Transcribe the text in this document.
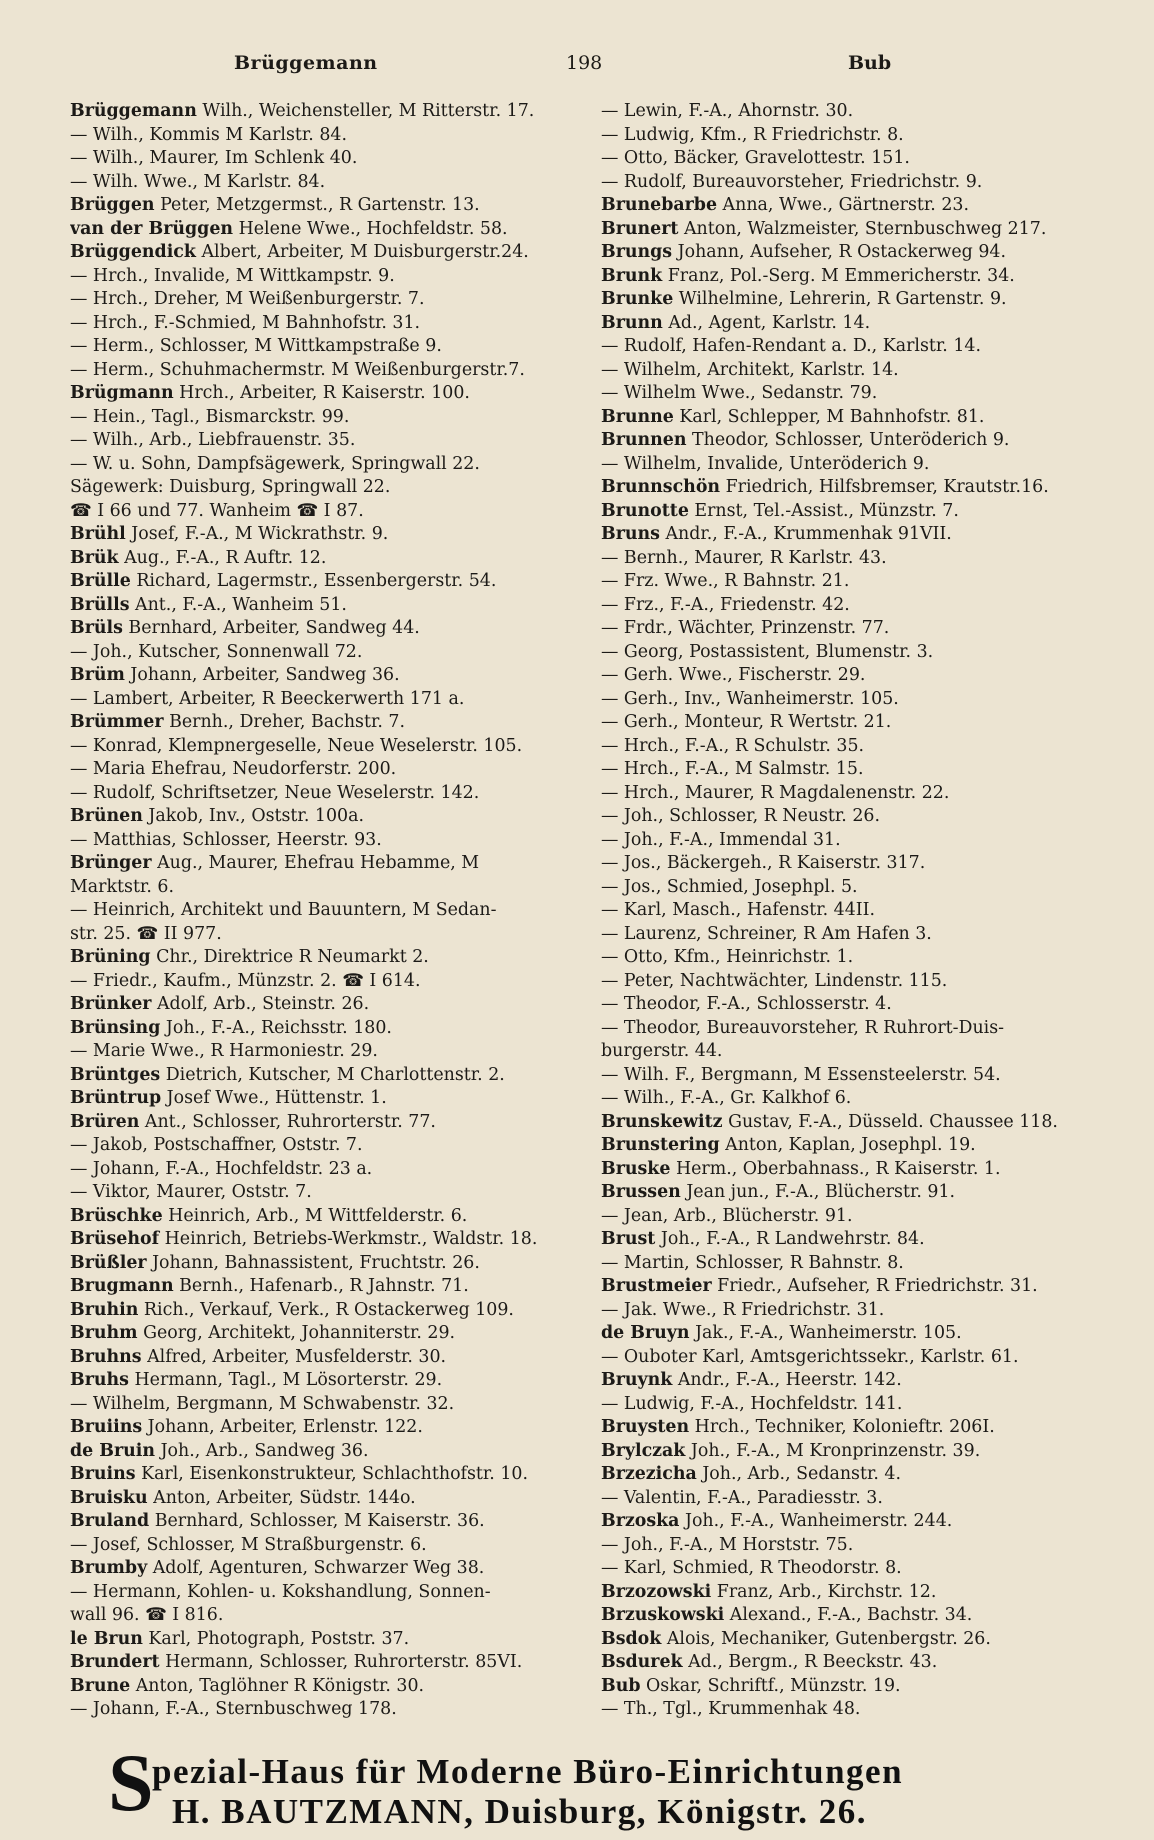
Brüggemann	198	Bub
Brüggemann Wilh., Weichensteller, M Ritterstr. 17.
— Wilh., Kommis M Karlstr. 84.
— Wilh., Maurer, Im Schlenk 40.
— Wilh. Wwe., M Karlstr. 84.
Brüggen Peter, Metzgermst., R Gartenstr. 13.
van der Brüggen Helene Wwe., Hochfeldstr. 58.
Brüggendick Albert, Arbeiter, M Duisburgerstr.24.
— Hrch., Invalide, M Wittkampstr. 9.
— Hrch., Dreher, M Weißenburgerstr. 7.
— Hrch., F.-Schmied, M Bahnhofstr. 31.
— Herm., Schlosser, M Wittkampstraße 9.
— Herm., Schuhmachermstr. M Weißenburgerstr.7.
Brügmann Hrch., Arbeiter, R Kaiserstr. 100.
— Hein., Tagl., Bismarckstr. 99.
— Wilh., Arb., Liebfrauenstr. 35.
— W. u. Sohn, Dampfsägewerk, Springwall 22.
Sägewerk: Duisburg, Springwall 22.
☎ I 66 und 77. Wanheim ☎ I 87.
Brühl Josef, F.-A., M Wickrathstr. 9.
Brük Aug., F.-A., R Auftr. 12.
Brülle Richard, Lagermstr., Essenbergerstr. 54.
Brülls Ant., F.-A., Wanheim 51.
Brüls Bernhard, Arbeiter, Sandweg 44.
— Joh., Kutscher, Sonnenwall 72.
Brüm Johann, Arbeiter, Sandweg 36.
— Lambert, Arbeiter, R Beeckerwerth 171 a.
Brümmer Bernh., Dreher, Bachstr. 7.
— Konrad, Klempnergeselle, Neue Weselerstr. 105.
— Maria Ehefrau, Neudorferstr. 200.
— Rudolf, Schriftsetzer, Neue Weselerstr. 142.
Brünen Jakob, Inv., Oststr. 100a.
— Matthias, Schlosser, Heerstr. 93.
Brünger Aug., Maurer, Ehefrau Hebamme, M
Marktstr. 6.
— Heinrich, Architekt und Bauuntern, M Sedan-
str. 25. ☎ II 977.
Brüning Chr., Direktrice R Neumarkt 2.
— Friedr., Kaufm., Münzstr. 2. ☎ I 614.
Brünker Adolf, Arb., Steinstr. 26.
Brünsing Joh., F.-A., Reichsstr. 180.
— Marie Wwe., R Harmoniestr. 29.
Brüntges Dietrich, Kutscher, M Charlottenstr. 2.
Brüntrup Josef Wwe., Hüttenstr. 1.
Brüren Ant., Schlosser, Ruhrorterstr. 77.
— Jakob, Postschaffner, Oststr. 7.
— Johann, F.-A., Hochfeldstr. 23 a.
— Viktor, Maurer, Oststr. 7.
Brüschke Heinrich, Arb., M Wittfelderstr. 6.
Brüsehof Heinrich, Betriebs-Werkmstr., Waldstr. 18.
Brüßler Johann, Bahnassistent, Fruchtstr. 26.
Brugmann Bernh., Hafenarb., R Jahnstr. 71.
Bruhin Rich., Verkauf, Verk., R Ostackerweg 109.
Bruhm Georg, Architekt, Johanniterstr. 29.
Bruhns Alfred, Arbeiter, Musfelderstr. 30.
Bruhs Hermann, Tagl., M Lösorterstr. 29.
— Wilhelm, Bergmann, M Schwabenstr. 32.
Bruiins Johann, Arbeiter, Erlenstr. 122.
de Bruin Joh., Arb., Sandweg 36.
Bruins Karl, Eisenkonstrukteur, Schlachthofstr. 10.
Bruisku Anton, Arbeiter, Südstr. 144o.
Bruland Bernhard, Schlosser, M Kaiserstr. 36.
— Josef, Schlosser, M Straßburgenstr. 6.
Brumby Adolf, Agenturen, Schwarzer Weg 38.
— Hermann, Kohlen- u. Kokshandlung, Sonnen-
wall 96. ☎ I 816.
le Brun Karl, Photograph, Poststr. 37.
Brundert Hermann, Schlosser, Ruhrorterstr. 85VI.
Brune Anton, Taglöhner R Königstr. 30.
— Johann, F.-A., Sternbuschweg 178.
— Lewin, F.-A., Ahornstr. 30.
— Ludwig, Kfm., R Friedrichstr. 8.
— Otto, Bäcker, Gravelottestr. 151.
— Rudolf, Bureauvorsteher, Friedrichstr. 9.
Brunebarbe Anna, Wwe., Gärtnerstr. 23.
Brunert Anton, Walzmeister, Sternbuschweg 217.
Brungs Johann, Aufseher, R Ostackerweg 94.
Brunk Franz, Pol.-Serg. M Emmericherstr. 34.
Brunke Wilhelmine, Lehrerin, R Gartenstr. 9.
Brunn Ad., Agent, Karlstr. 14.
— Rudolf, Hafen-Rendant a. D., Karlstr. 14.
— Wilhelm, Architekt, Karlstr. 14.
— Wilhelm Wwe., Sedanstr. 79.
Brunne Karl, Schlepper, M Bahnhofstr. 81.
Brunnen Theodor, Schlosser, Unteröderich 9.
— Wilhelm, Invalide, Unteröderich 9.
Brunnschön Friedrich, Hilfsbremser, Krautstr.16.
Brunotte Ernst, Tel.-Assist., Münzstr. 7.
Bruns Andr., F.-A., Krummenhak 91VII.
— Bernh., Maurer, R Karlstr. 43.
— Frz. Wwe., R Bahnstr. 21.
— Frz., F.-A., Friedenstr. 42.
— Frdr., Wächter, Prinzenstr. 77.
— Georg, Postassistent, Blumenstr. 3.
— Gerh. Wwe., Fischerstr. 29.
— Gerh., Inv., Wanheimerstr. 105.
— Gerh., Monteur, R Wertstr. 21.
— Hrch., F.-A., R Schulstr. 35.
— Hrch., F.-A., M Salmstr. 15.
— Hrch., Maurer, R Magdalenenstr. 22.
— Joh., Schlosser, R Neustr. 26.
— Joh., F.-A., Immendal 31.
— Jos., Bäckergeh., R Kaiserstr. 317.
— Jos., Schmied, Josephpl. 5.
— Karl, Masch., Hafenstr. 44II.
— Laurenz, Schreiner, R Am Hafen 3.
— Otto, Kfm., Heinrichstr. 1.
— Peter, Nachtwächter, Lindenstr. 115.
— Theodor, F.-A., Schlosserstr. 4.
— Theodor, Bureauvorsteher, R Ruhrort-Duis-
burgerstr. 44.
— Wilh. F., Bergmann, M Essensteelerstr. 54.
— Wilh., F.-A., Gr. Kalkhof 6.
Brunskewitz Gustav, F.-A., Düsseld. Chaussee 118.
Brunstering Anton, Kaplan, Josephpl. 19.
Bruske Herm., Oberbahnass., R Kaiserstr. 1.
Brussen Jean jun., F.-A., Blücherstr. 91.
— Jean, Arb., Blücherstr. 91.
Brust Joh., F.-A., R Landwehrstr. 84.
— Martin, Schlosser, R Bahnstr. 8.
Brustmeier Friedr., Aufseher, R Friedrichstr. 31.
— Jak. Wwe., R Friedrichstr. 31.
de Bruyn Jak., F.-A., Wanheimerstr. 105.
— Ouboter Karl, Amtsgerichtssekr., Karlstr. 61.
Bruynk Andr., F.-A., Heerstr. 142.
— Ludwig, F.-A., Hochfeldstr. 141.
Bruysten Hrch., Techniker, Kolonieftr. 206I.
Brylczak Joh., F.-A., M Kronprinzenstr. 39.
Brzezicha Joh., Arb., Sedanstr. 4.
— Valentin, F.-A., Paradiesstr. 3.
Brzoska Joh., F.-A., Wanheimerstr. 244.
— Joh., F.-A., M Horststr. 75.
— Karl, Schmied, R Theodorstr. 8.
Brzozowski Franz, Arb., Kirchstr. 12.
Brzuskowski Alexand., F.-A., Bachstr. 34.
Bsdok Alois, Mechaniker, Gutenbergstr. 26.
Bsdurek Ad., Bergm., R Beeckstr. 43.
Bub Oskar, Schriftf., Münzstr. 19.
— Th., Tgl., Krummenhak 48.
S
pezial-Haus für Moderne Büro-Einrichtungen
H. BAUTZMANN, Duisburg, Königstr. 26.
